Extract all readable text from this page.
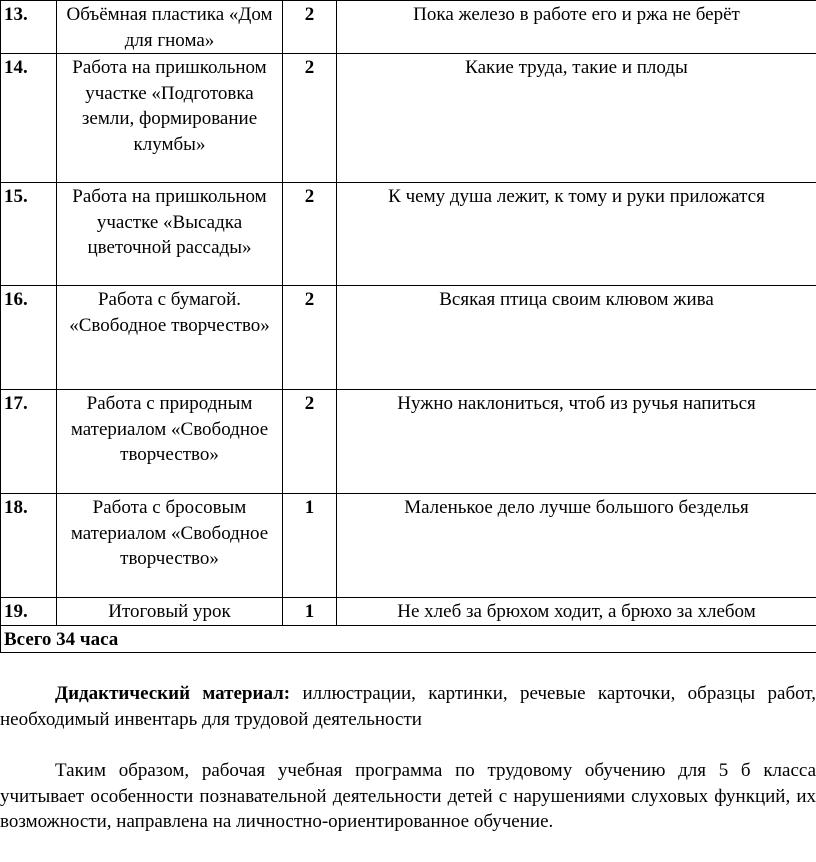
13.	Объёмная пластика «Дом для гнома»	2	Пока железо в работе его и ржа не берёт
14.	Работа на пришкольном участке «Подготовка земли, формирование клумбы»	2	Какие труда, такие и плоды
15.	Работа на пришкольном участке «Высадка цветочной рассады»	2	К чему душа лежит, к тому и руки приложатся
16.	Работа с бумагой. «Свободное творчество»	2	Всякая птица своим клювом жива
17.	Работа с природным материалом «Свободное творчество»	2	Нужно наклониться, чтоб из ручья напиться
18.	Работа с бросовым материалом «Свободное творчество»	1	Маленькое дело лучше большого безделья
19.	Итоговый урок	1	Не хлеб за брюхом ходит, а брюхо за хлебом
Всего 34 часа			

Дидактический материал: иллюстрации, картинки, речевые карточки, образцы работ, необходимый инвентарь для трудовой деятельности

Таким образом, рабочая учебная программа по трудовому обучению для 5 б класса учитывает особенности познавательной деятельности детей с нарушениями слуховых функций, их возможности, направлена на личностно-ориентированное обучение.
